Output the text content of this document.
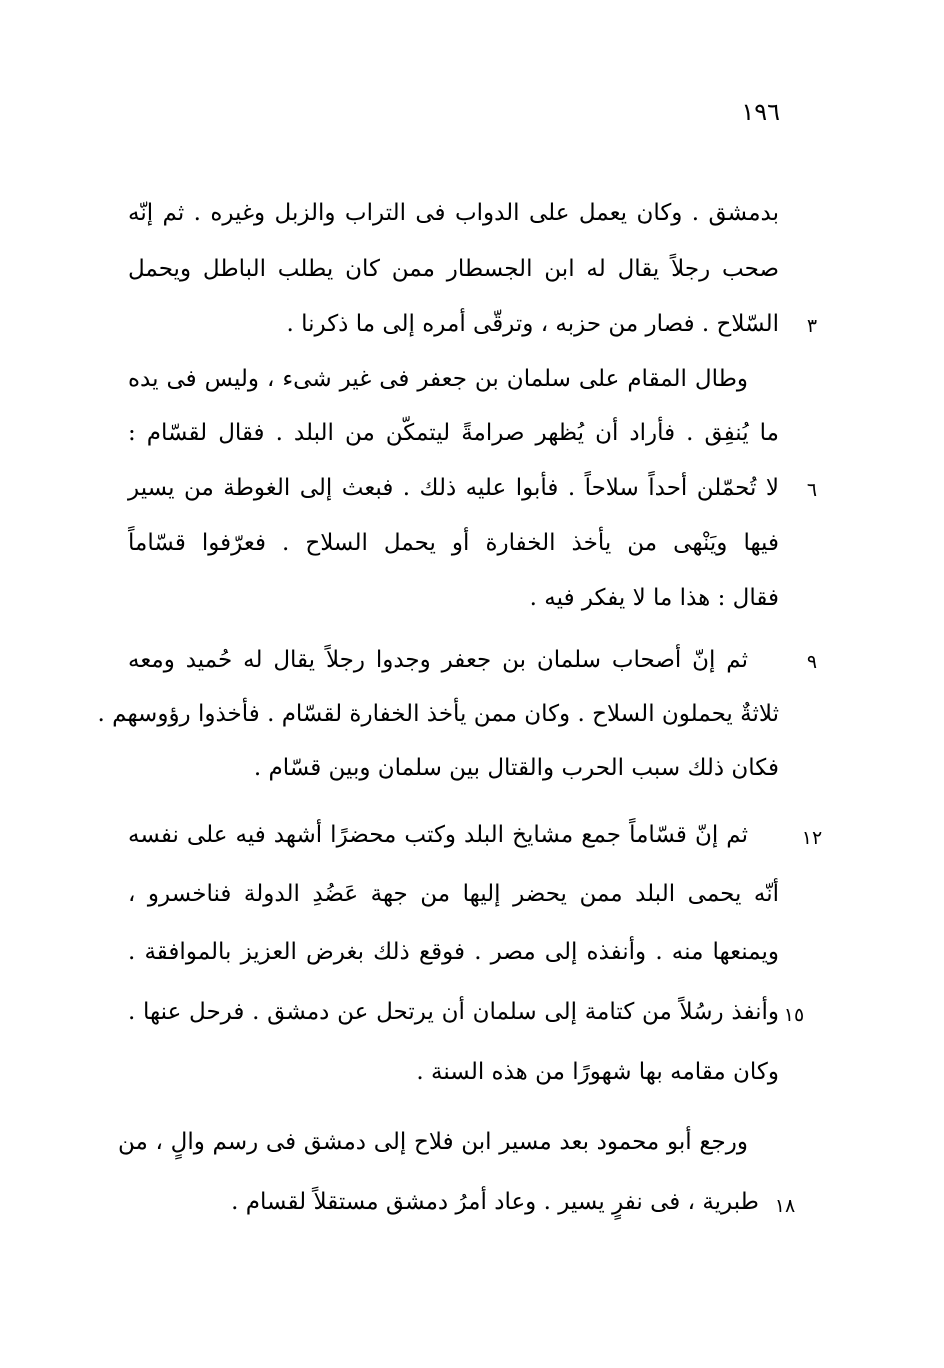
١٩٦
بدمشق . وكان يعمل على الدواب فى التراب والزبل وغيره . ثم إنّه
صحب رجلاً يقال له ابن الجسطار ممن كان يطلب الباطل ويحمل
السّلاح . فصار من حزبه ، وترقّى أمره إلى ما ذكرنا .	٣
وطال المقام على سلمان بن جعفر فى غير شىء ، وليس فى يده
ما يُنفِق . فأراد أن يُظهر صرامةً ليتمكّن من البلد . فقال لقسّام :
لا تُحمّلن أحداً سلاحاً . فأبوا عليه ذلك . فبعث إلى الغوطة من يسير	٦
فيها ويَنْهى من يأخذ الخفارة أو يحمل السلاح . فعرّفوا قسّاماً
فقال : هذا ما لا يفكر فيه .
ثم إنّ أصحاب سلمان بن جعفر وجدوا رجلاً يقال له حُميد ومعه	٩
ثلاثةٌ يحملون السلاح . وكان ممن يأخذ الخفارة لقسّام . فأخذوا رؤوسهم .
فكان ذلك سبب الحرب والقتال بين سلمان وبين قسّام .
ثم إنّ قسّاماً جمع مشايخ البلد وكتب محضرًا أشهد فيه على نفسه	١٢
أنّه يحمى البلد ممن يحضر إليها من جهة عَضُدِ الدولة فناخسرو ،
ويمنعها منه . وأنفذه إلى مصر . فوقع ذلك بغرض العزيز بالموافقة .
وأنفذ رسُلاً من كتامة إلى سلمان أن يرتحل عن دمشق . فرحل عنها . ١٥
وكان مقامه بها شهورًا من هذه السنة .
ورجع أبو محمود بعد مسير ابن فلاح إلى دمشق فى رسم والٍ ، من
طبرية ، فى نفرٍ يسير . وعاد أمرُ دمشق مستقلاً لقسام . ١٨
